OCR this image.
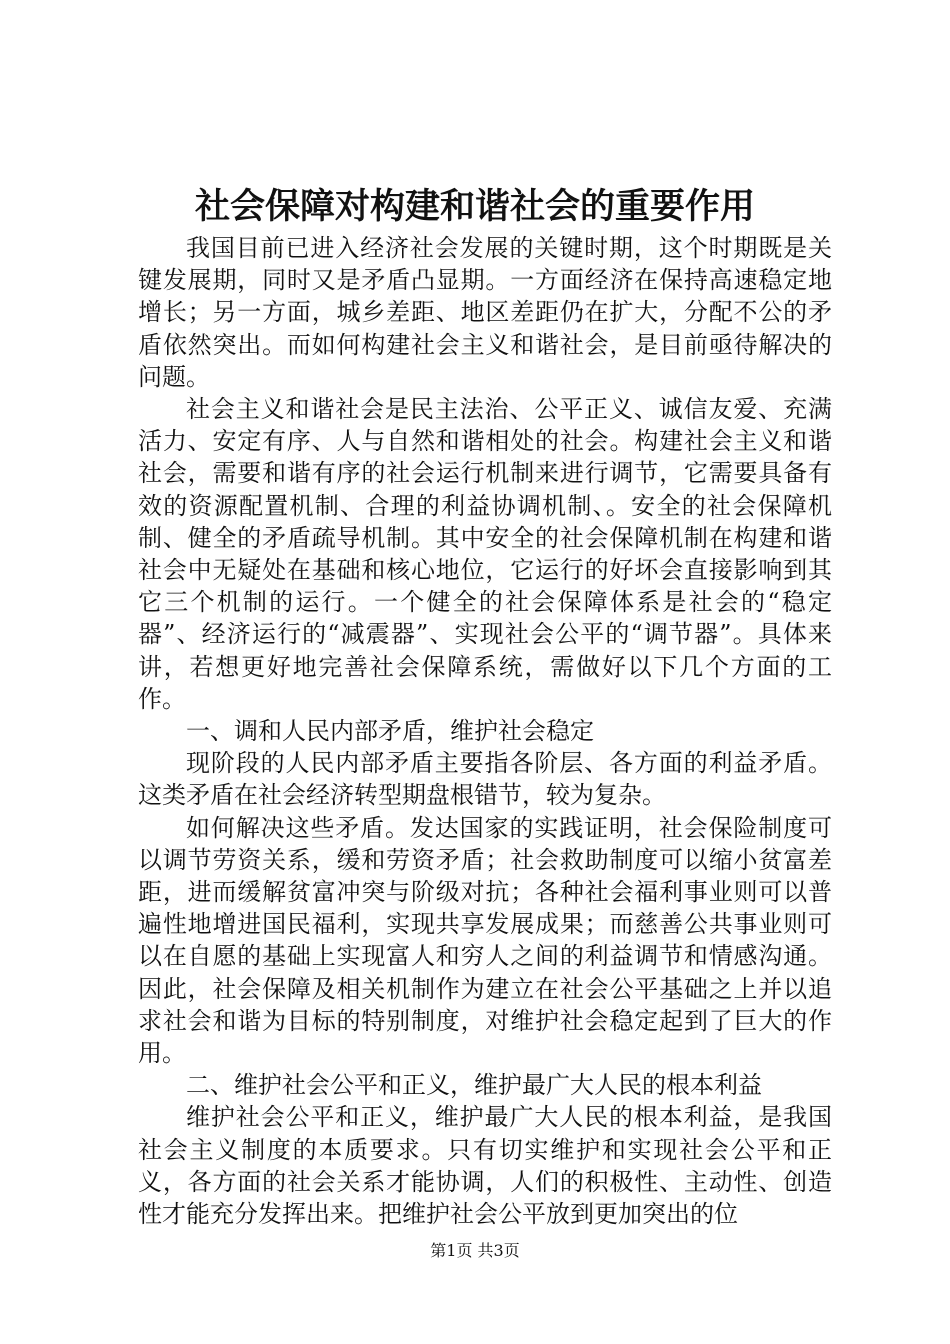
社会保障对构建和谐社会的重要作用

我国目前已进入经济社会发展的关键时期，这个时期既是关键发展期，同时又是矛盾凸显期。一方面经济在保持高速稳定地增长；另一方面，城乡差距、地区差距仍在扩大，分配不公的矛盾依然突出。而如何构建社会主义和谐社会，是目前亟待解决的问题。

社会主义和谐社会是民主法治、公平正义、诚信友爱、充满活力、安定有序、人与自然和谐相处的社会。构建社会主义和谐社会，需要和谐有序的社会运行机制来进行调节，它需要具备有效的资源配置机制、合理的利益协调机制、。安全的社会保障机制、健全的矛盾疏导机制。其中安全的社会保障机制在构建和谐社会中无疑处在基础和核心地位，它运行的好坏会直接影响到其它三个机制的运行。一个健全的社会保障体系是社会的“稳定器”、经济运行的“减震器”、实现社会公平的“调节器”。具体来讲，若想更好地完善社会保障系统，需做好以下几个方面的工作。

一、调和人民内部矛盾，维护社会稳定

现阶段的人民内部矛盾主要指各阶层、各方面的利益矛盾。这类矛盾在社会经济转型期盘根错节，较为复杂。

如何解决这些矛盾。发达国家的实践证明，社会保险制度可以调节劳资关系，缓和劳资矛盾；社会救助制度可以缩小贫富差距，进而缓解贫富冲突与阶级对抗；各种社会福利事业则可以普遍性地增进国民福利，实现共享发展成果；而慈善公共事业则可以在自愿的基础上实现富人和穷人之间的利益调节和情感沟通。因此，社会保障及相关机制作为建立在社会公平基础之上并以追求社会和谐为目标的特别制度，对维护社会稳定起到了巨大的作用。

二、维护社会公平和正义，维护最广大人民的根本利益

维护社会公平和正义，维护最广大人民的根本利益，是我国社会主义制度的本质要求。只有切实维护和实现社会公平和正义，各方面的社会关系才能协调，人们的积极性、主动性、创造性才能充分发挥出来。把维护社会公平放到更加突出的位

第1页 共3页
